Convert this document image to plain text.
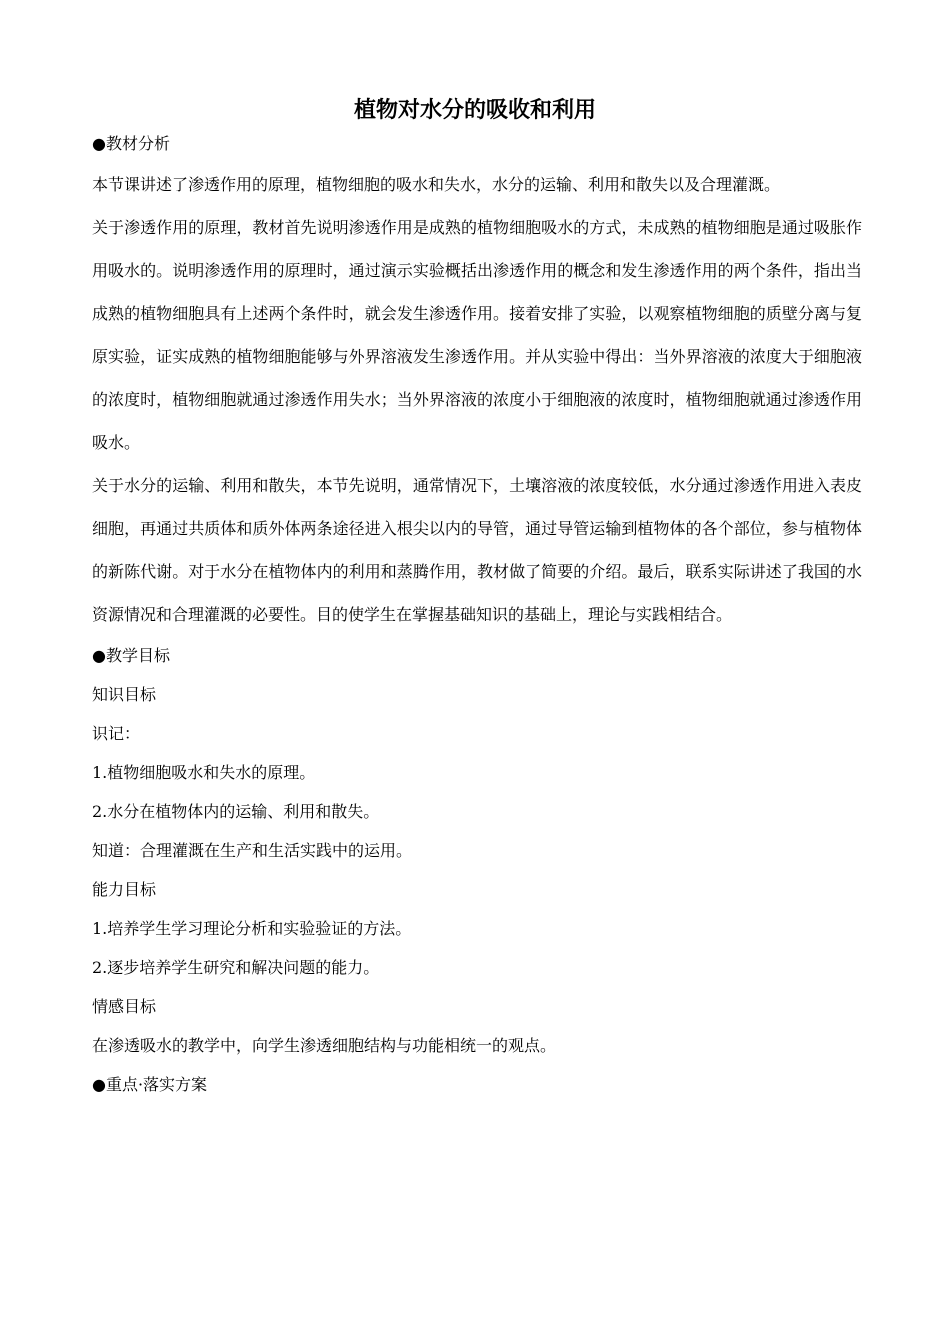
植物对水分的吸收和利用

●教材分析

本节课讲述了渗透作用的原理，植物细胞的吸水和失水，水分的运输、利用和散失以及合理灌溉。

关于渗透作用的原理，教材首先说明渗透作用是成熟的植物细胞吸水的方式，未成熟的植物细胞是通过吸胀作用吸水的。说明渗透作用的原理时，通过演示实验概括出渗透作用的概念和发生渗透作用的两个条件，指出当成熟的植物细胞具有上述两个条件时，就会发生渗透作用。接着安排了实验，以观察植物细胞的质壁分离与复原实验，证实成熟的植物细胞能够与外界溶液发生渗透作用。并从实验中得出：当外界溶液的浓度大于细胞液的浓度时，植物细胞就通过渗透作用失水；当外界溶液的浓度小于细胞液的浓度时，植物细胞就通过渗透作用吸水。

关于水分的运输、利用和散失，本节先说明，通常情况下，土壤溶液的浓度较低，水分通过渗透作用进入表皮细胞，再通过共质体和质外体两条途径进入根尖以内的导管，通过导管运输到植物体的各个部位，参与植物体的新陈代谢。对于水分在植物体内的利用和蒸腾作用，教材做了简要的介绍。最后，联系实际讲述了我国的水资源情况和合理灌溉的必要性。目的使学生在掌握基础知识的基础上，理论与实践相结合。

●教学目标

知识目标

识记：

1.植物细胞吸水和失水的原理。

2.水分在植物体内的运输、利用和散失。

知道：合理灌溉在生产和生活实践中的运用。

能力目标

1.培养学生学习理论分析和实验验证的方法。

2.逐步培养学生研究和解决问题的能力。

情感目标

在渗透吸水的教学中，向学生渗透细胞结构与功能相统一的观点。

●重点·落实方案
